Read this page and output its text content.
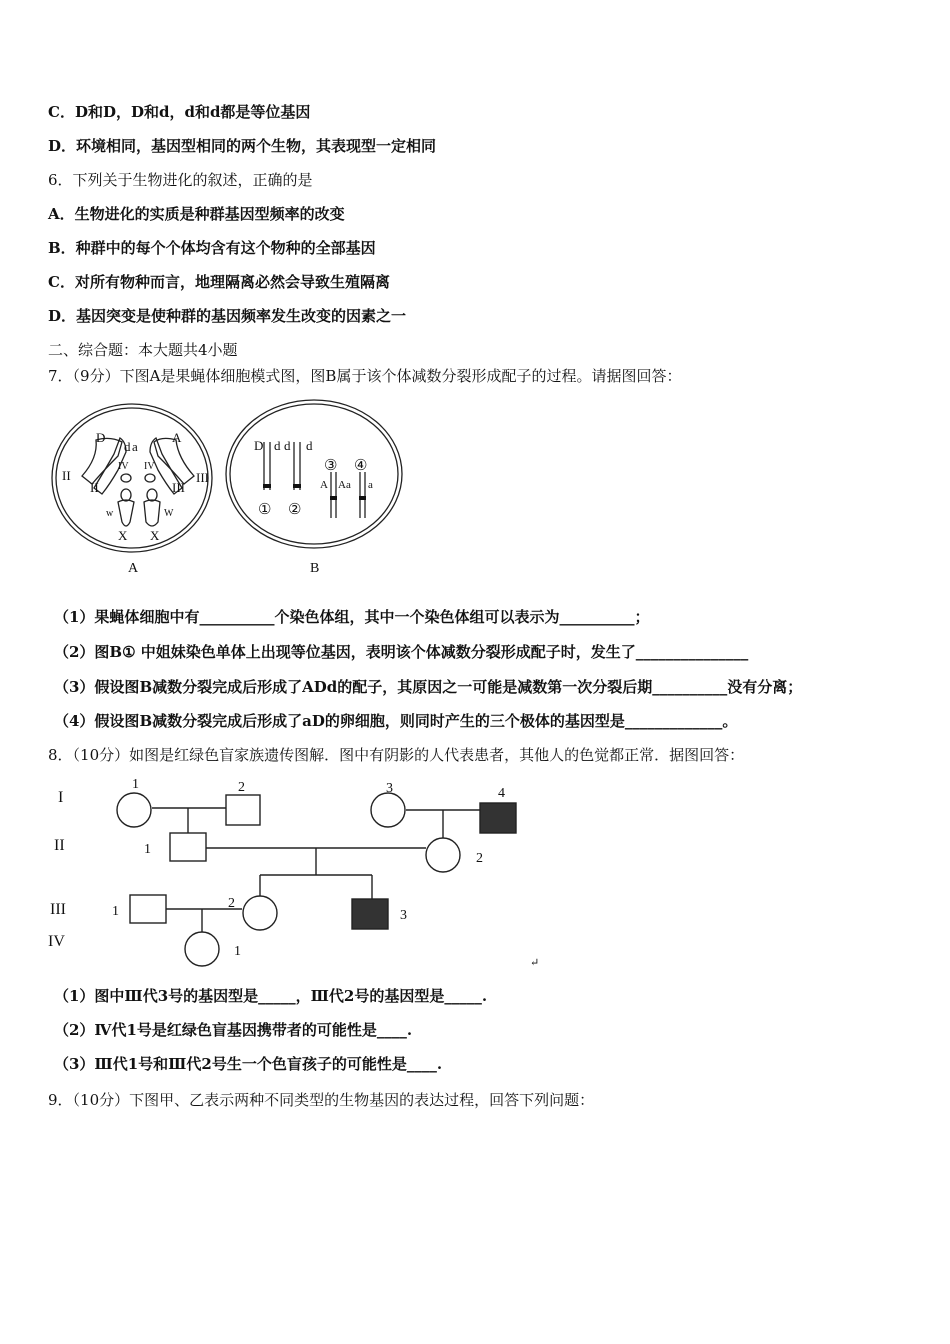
C．D和D，D和d，d和d都是等位基因
D．环境相同，基因型相同的两个生物，其表现型一定相同
6．下列关于生物进化的叙述，正确的是
A．生物进化的实质是种群基因型频率的改变
B．种群中的每个个体均含有这个物种的全部基因
C．对所有物种而言，地理隔离必然会导致生殖隔离
D．基因突变是使种群的基因频率发生改变的因素之一
二、综合题：本大题共4小题
7．（9分）下图A是果蝇体细胞模式图，图B属于该个体减数分裂形成配子的过程。请据图回答：
D
d a
A
II
II
IV IV
III
III
w	W
X X
A
D d d d
① ②
③ ④
A Aa a
B
（1）果蝇体细胞中有__________个染色体组，其中一个染色体组可以表示为__________；
（2）图B① 中姐妹染色单体上出现等位基因，表明该个体减数分裂形成配子时，发生了_______________
（3）假设图B减数分裂完成后形成了ADd的配子，其原因之一可能是减数第一次分裂后期__________没有分离；
（4）假设图B减数分裂完成后形成了aD的卵细胞，则同时产生的三个极体的基因型是_____________。
8．（10分）如图是红绿色盲家族遗传图解．图中有阴影的人代表患者，其他人的色觉都正常．据图回答：
I
II
III
IV
1	2	3	4
1
2
1
2
3
1
↵
（1）图中Ⅲ代3号的基因型是_____，Ⅲ代2号的基因型是_____.
（2）Ⅳ代1号是红绿色盲基因携带者的可能性是____.
（3）Ⅲ代1号和Ⅲ代2号生一个色盲孩子的可能性是____.
9．（10分）下图甲、乙表示两种不同类型的生物基因的表达过程，回答下列问题：
